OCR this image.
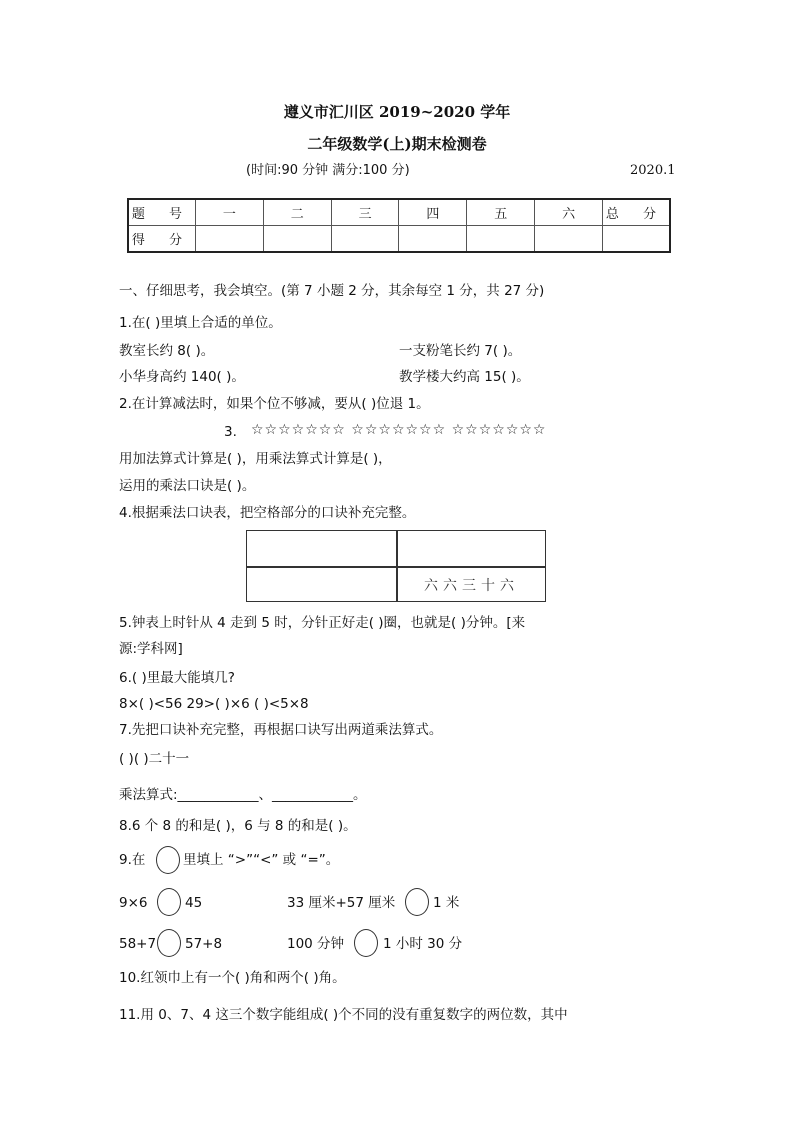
遵义市汇川区 2019~2020 学年
二年级数学(上)期末检测卷
(时间:90 分钟 满分:100 分)	2020.1
题 号	一	二	三	四	五	六	总 分
得 分							
一、仔细思考，我会填空。(第 7 小题 2 分，其余每空 1 分，共 27 分)
1.在( )里填上合适的单位。
教室长约 8( )。	一支粉笔长约 7( )。
小华身高约 140( )。	教学楼大约高 15( )。
2.在计算减法时，如果个位不够减，要从( )位退 1。
3. ☆☆☆☆☆☆☆ ☆☆☆☆☆☆☆ ☆☆☆☆☆☆☆
用加法算式计算是( )，用乘法算式计算是( )，
运用的乘法口诀是( )。
4.根据乘法口诀表，把空格部分的口诀补充完整。
六六三十六
5.钟表上时针从 4 走到 5 时，分针正好走( )圈，也就是( )分钟。[来
源:学科网]
6.( )里最大能填几?
8×( )<56 29>( )×6 ( )<5×8
7.先把口诀补充完整，再根据口诀写出两道乘法算式。
( )( )二十一
乘法算式:____________、____________。
8.6 个 8 的和是( )，6 与 8 的和是( )。
9.在	里填上 “>”“<” 或 “=”。
9×6	45	33 厘米+57 厘米	1 米
58+7 57+8	100 分钟	1 小时 30 分
10.红领巾上有一个( )角和两个( )角。
11.用 0、7、4 这三个数字能组成( )个不同的没有重复数字的两位数，其中
